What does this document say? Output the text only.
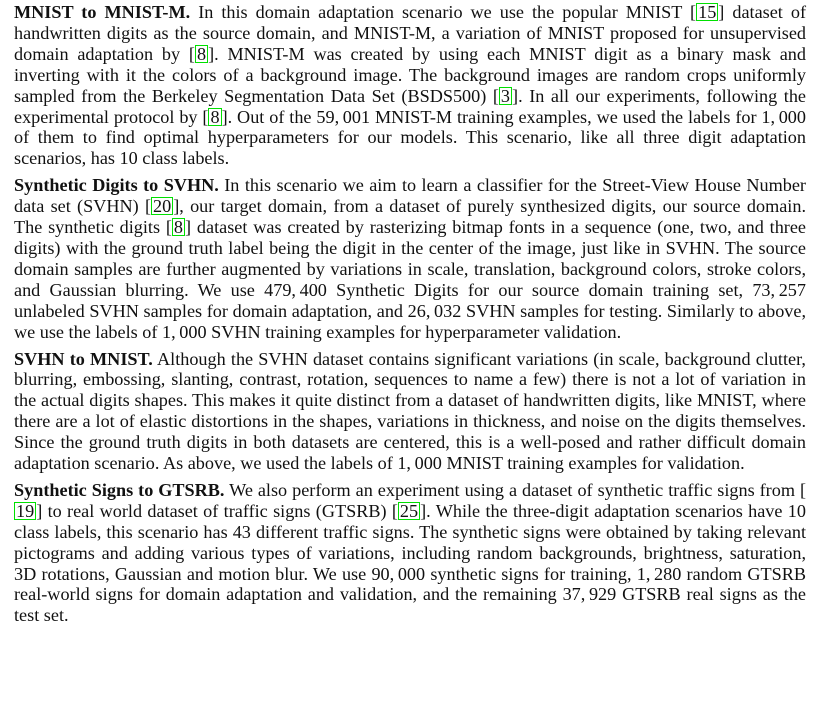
MNIST to MNIST-M. In this domain adaptation scenario we use the popular MNIST [ 15 ] dataset of handwritten digits as the source domain, and MNIST-M, a variation of MNIST proposed for unsupervised domain adaptation by [ 8 ]. MNIST-M was created by using each MNIST digit as a binary mask and inverting with it the colors of a background image. The background images are random crops uniformly sampled from the Berkeley Segmentation Data Set (BSDS500) [ 3 ]. In all our experiments, following the experimental protocol by [ 8 ]. Out of the 59, 001 MNIST-M training examples, we used the labels for 1, 000 of them to find optimal hyperparameters for our models. This scenario, like all three digit adaptation scenarios, has 10 class labels.

Synthetic Digits to SVHN. In this scenario we aim to learn a classifier for the Street-View House Number data set (SVHN) [ 20 ], our target domain, from a dataset of purely synthesized digits, our source domain. The synthetic digits [ 8 ] dataset was created by rasterizing bitmap fonts in a sequence (one, two, and three digits) with the ground truth label being the digit in the center of the image, just like in SVHN. The source domain samples are further augmented by variations in scale, translation, background colors, stroke colors, and Gaussian blurring. We use 479, 400 Synthetic Digits for our source domain training set, 73, 257 unlabeled SVHN samples for domain adaptation, and 26, 032 SVHN samples for testing. Similarly to above, we use the labels of 1, 000 SVHN training examples for hyperparameter validation.

SVHN to MNIST. Although the SVHN dataset contains significant variations (in scale, background clutter, blurring, embossing, slanting, contrast, rotation, sequences to name a few) there is not a lot of variation in the actual digits shapes. This makes it quite distinct from a dataset of handwritten digits, like MNIST, where there are a lot of elastic distortions in the shapes, variations in thickness, and noise on the digits themselves. Since the ground truth digits in both datasets are centered, this is a well-posed and rather difficult domain adaptation scenario. As above, we used the labels of 1, 000 MNIST training examples for validation.

Synthetic Signs to GTSRB. We also perform an experiment using a dataset of synthetic traffic signs from [19 ] to real world dataset of traffic signs (GTSRB) [ 25 ]. While the three-digit adaptation scenarios have 10 class labels, this scenario has 43 different traffic signs. The synthetic signs were obtained by taking relevant pictograms and adding various types of variations, including random backgrounds, brightness, saturation, 3D rotations, Gaussian and motion blur. We use 90, 000 synthetic signs for training, 1, 280 random GTSRB real-world signs for domain adaptation and validation, and the remaining 37, 929 GTSRB real signs as the test set.
